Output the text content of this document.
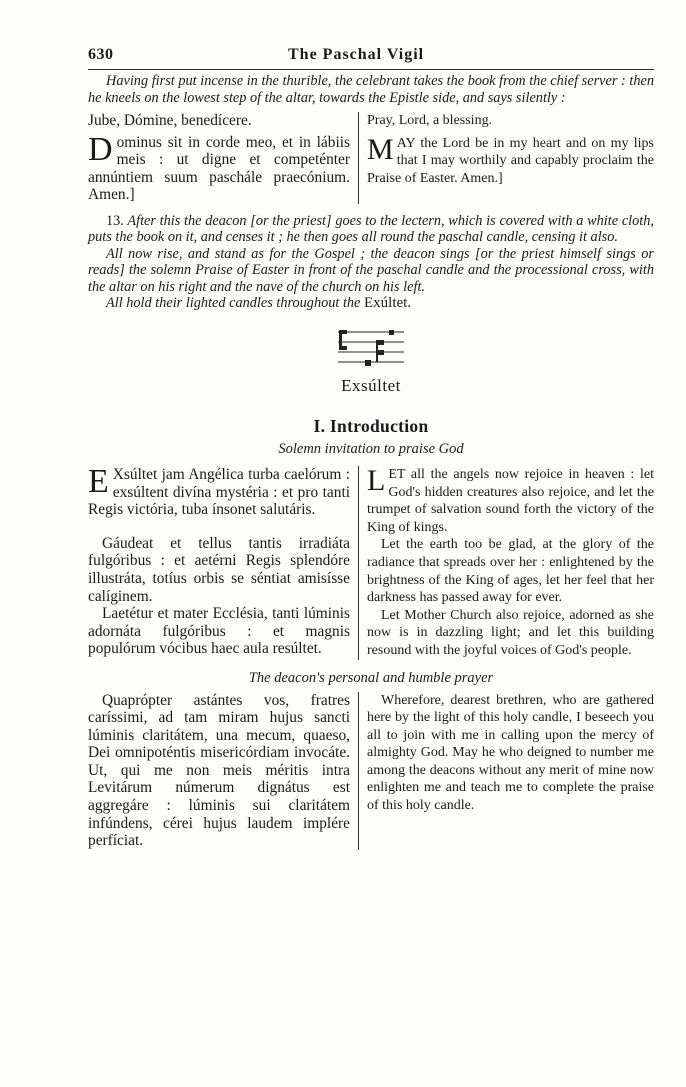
630	The Paschal Vigil

Having first put incense in the thurible, the celebrant takes the book from the chief server : then he kneels on the lowest step of the altar, towards the Epistle side, and says silently :

Jube, Dómine, benedícere.

Dominus sit in corde meo, et in lábiis meis : ut digne et competénter annúntiem suum paschále praecónium. Amen.]

Pray, Lord, a blessing.

MAY the Lord be in my heart and on my lips that I may worthily and capably proclaim the Praise of Easter. Amen.]

13. After this the deacon [or the priest] goes to the lectern, which is covered with a white cloth, puts the book on it, and censes it ; he then goes all round the paschal candle, censing it also.

All now rise, and stand as for the Gospel ; the deacon sings [or the priest himself sings or reads] the solemn Praise of Easter in front of the paschal candle and the processional cross, with the altar on his right and the nave of the church on his left.

All hold their lighted candles throughout the Exúltet.

Exsúltet
I. Introduction
Solemn invitation to praise God

E Xsúltet jam Angélica turba caelórum : exsúltent divína mystéria : et pro tanti Regis victória, tuba ínsonet salutáris.

Gáudeat et tellus tantis irradiáta fulgóribus : et aetérni Regis splendóre illustráta, totíus orbis se séntiat amisísse calíginem.

Laetétur et mater Ecclésia, tanti lúminis adornáta fulgóribus : et magnis populórum vócibus haec aula resúltet.

LET all the angels now rejoice in heaven : let God's hidden creatures also rejoice, and let the trumpet of salvation sound forth the victory of the King of kings.

Let the earth too be glad, at the glory of the radiance that spreads over her : enlightened by the brightness of the King of ages, let her feel that her darkness has passed away for ever.

Let Mother Church also rejoice, adorned as she now is in dazzling light; and let this building resound with the joyful voices of God's people.

The deacon's personal and humble prayer

Quaprópter astántes vos, fratres caríssimi, ad tam miram hujus sancti lúminis claritátem, una mecum, quaeso, Dei omnipoténtis misericórdiam invocáte. Ut, qui me non meis méritis intra Levitárum númerum dignátus est aggregáre : lúminis sui claritátem infúndens, cérei hujus laudem implére perfíciat.

Wherefore, dearest brethren, who are gathered here by the light of this holy candle, I beseech you all to join with me in calling upon the mercy of almighty God. May he who deigned to number me among the deacons without any merit of mine now enlighten me and teach me to complete the praise of this holy candle.
